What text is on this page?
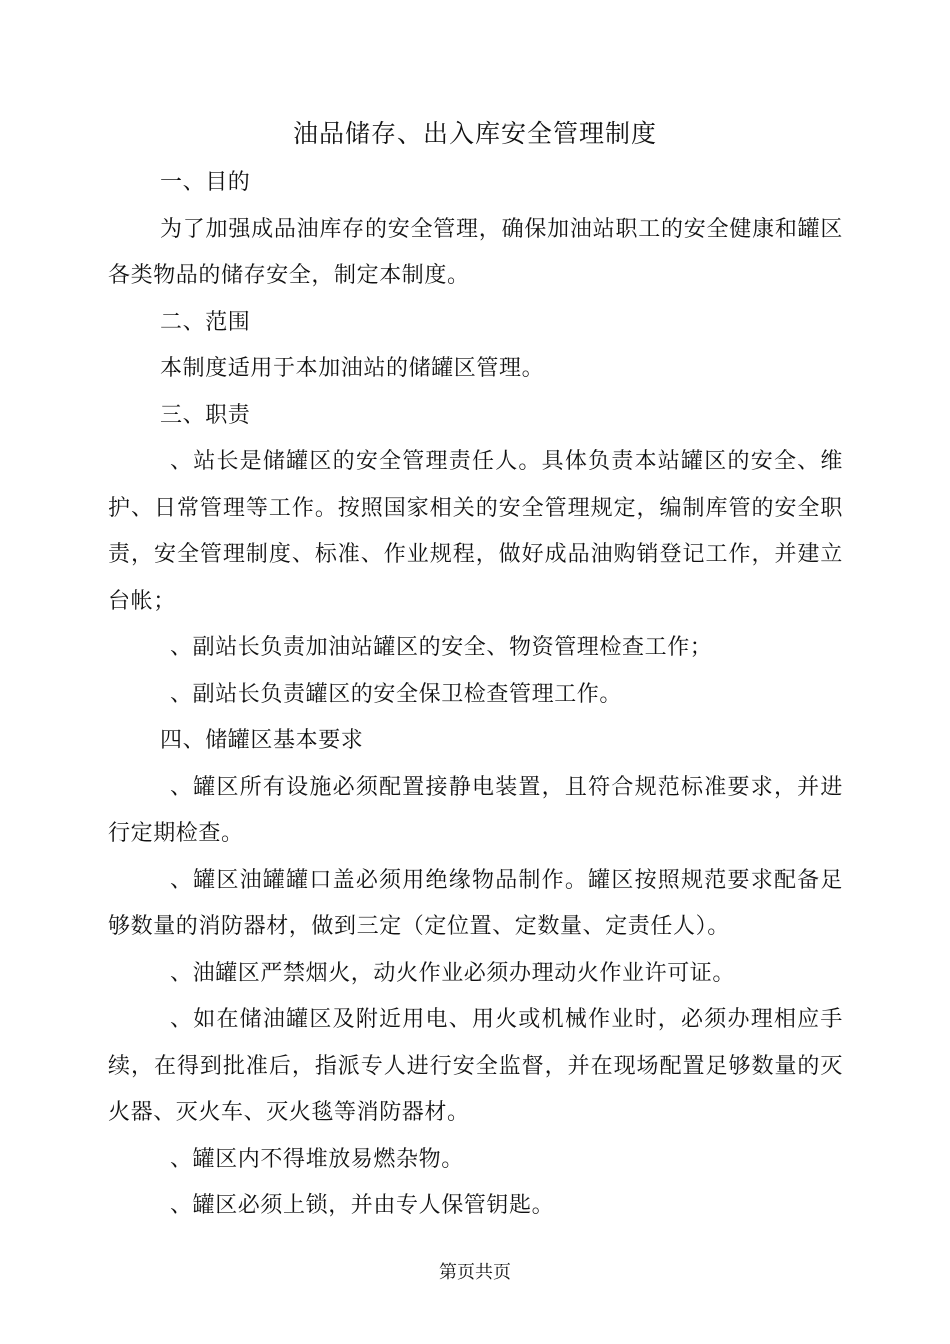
油品储存、出入库安全管理制度

一、目的

为了加强成品油库存的安全管理，确保加油站职工的安全健康和罐区各类物品的储存安全，制定本制度。

二、范围

本制度适用于本加油站的储罐区管理。

三、职责

、站长是储罐区的安全管理责任人。具体负责本站罐区的安全、维护、日常管理等工作。按照国家相关的安全管理规定，编制库管的安全职责，安全管理制度、标准、作业规程，做好成品油购销登记工作，并建立台帐；

、副站长负责加油站罐区的安全、物资管理检查工作；

、副站长负责罐区的安全保卫检查管理工作。

四、储罐区基本要求

、罐区所有设施必须配置接静电装置，且符合规范标准要求，并进行定期检查。

、罐区油罐罐口盖必须用绝缘物品制作。罐区按照规范要求配备足够数量的消防器材，做到三定（定位置、定数量、定责任人）。

、油罐区严禁烟火，动火作业必须办理动火作业许可证。

、如在储油罐区及附近用电、用火或机械作业时，必须办理相应手续，在得到批准后，指派专人进行安全监督，并在现场配置足够数量的灭火器、灭火车、灭火毯等消防器材。

、罐区内不得堆放易燃杂物。

、罐区必须上锁，并由专人保管钥匙。

第页共页
